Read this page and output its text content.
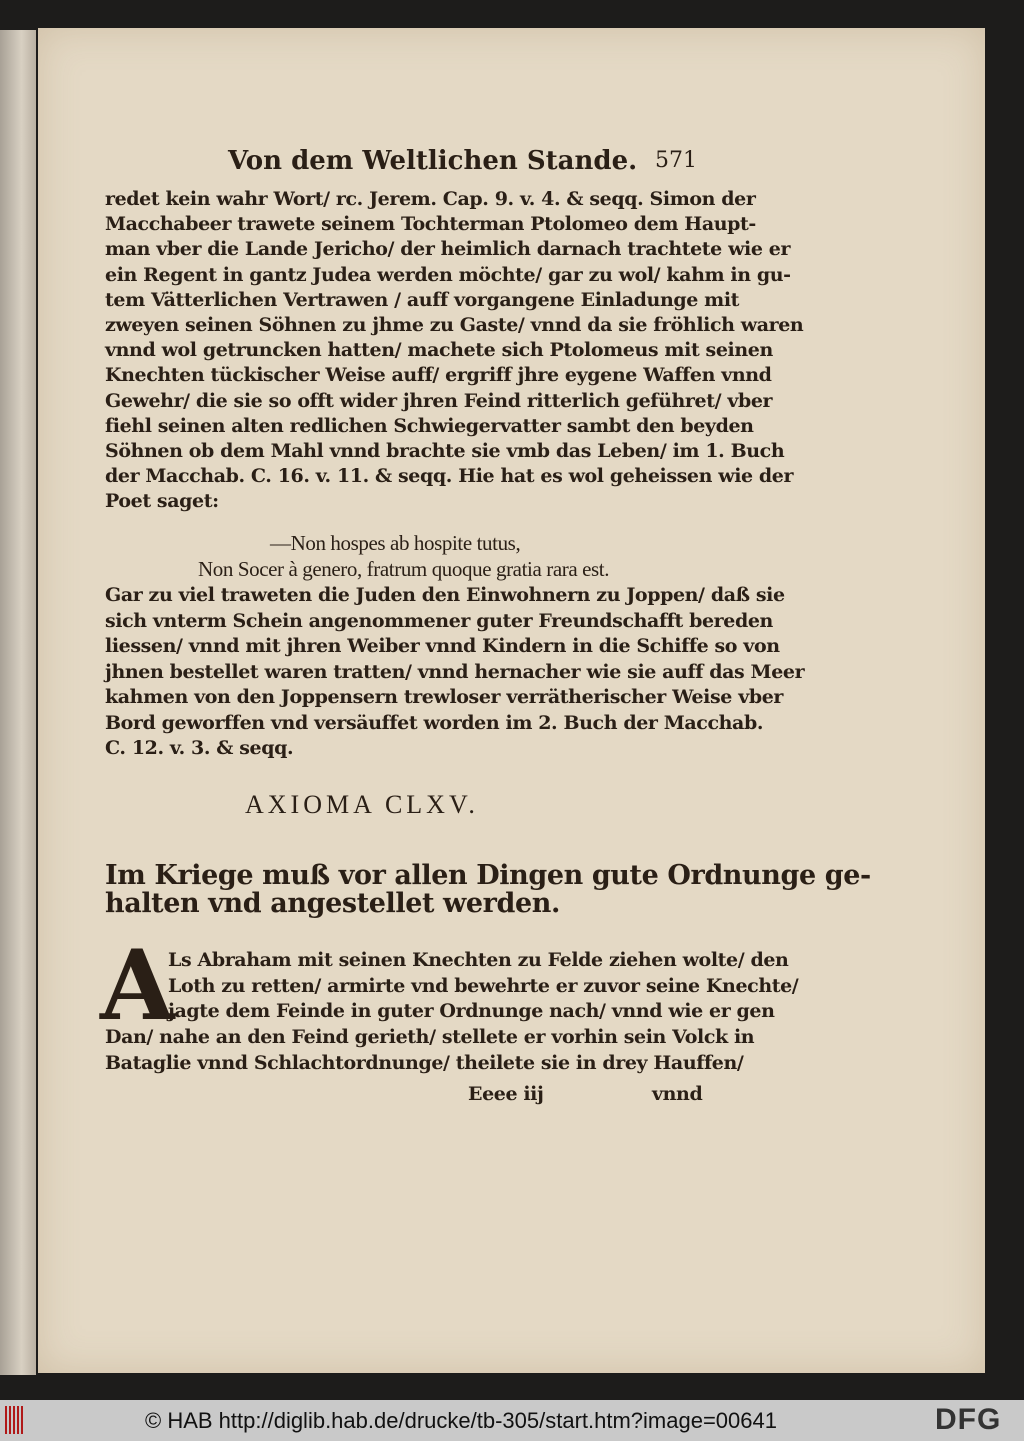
Von dem Weltlichen Stande. 571
redet kein wahr Wort/ rc. Jerem. Cap. 9. v. 4. & seqq. Simon der
Macchabeer trawete seinem Tochterman Ptolomeo dem Haupt-
man vber die Lande Jericho/ der heimlich darnach trachtete wie er
ein Regent in gantz Judea werden möchte/ gar zu wol/ kahm in gu-
tem Vätterlichen Vertrawen / auff vorgangene Einladunge mit
zweyen seinen Söhnen zu jhme zu Gaste/ vnnd da sie fröhlich waren
vnnd wol getruncken hatten/ machete sich Ptolomeus mit seinen
Knechten tückischer Weise auff/ ergriff jhre eygene Waffen vnnd
Gewehr/ die sie so offt wider jhren Feind ritterlich geführet/ vber
fiehl seinen alten redlichen Schwiegervatter sambt den beyden
Söhnen ob dem Mahl vnnd brachte sie vmb das Leben/ im 1. Buch
der Macchab. C. 16. v. 11. & seqq. Hie hat es wol geheissen wie der
Poet saget:
—Non hospes ab hospite tutus,
Non Socer à genero, fratrum quoque gratia rara est.
Gar zu viel traweten die Juden den Einwohnern zu Joppen/ daß sie
sich vnterm Schein angenommener guter Freundschafft bereden
liessen/ vnnd mit jhren Weiber vnnd Kindern in die Schiffe so von
jhnen bestellet waren tratten/ vnnd hernacher wie sie auff das Meer
kahmen von den Joppensern trewloser verrätherischer Weise vber
Bord geworffen vnd versäuffet worden im 2. Buch der Macchab.
C. 12. v. 3. & seqq.
AXIOMA CLXV.
Im Kriege muß vor allen Dingen gute Ordnunge ge-
halten vnd angestellet werden.
A
Ls Abraham mit seinen Knechten zu Felde ziehen wolte/ den
Loth zu retten/ armirte vnd bewehrte er zuvor seine Knechte/
jagte dem Feinde in guter Ordnunge nach/ vnnd wie er gen
Dan/ nahe an den Feind gerieth/ stellete er vorhin sein Volck in
Bataglie vnnd Schlachtordnunge/ theilete sie in drey Hauffen/
Eeee iij	vnnd
© HAB http://diglib.hab.de/drucke/tb-305/start.htm?image=00641	DFG
